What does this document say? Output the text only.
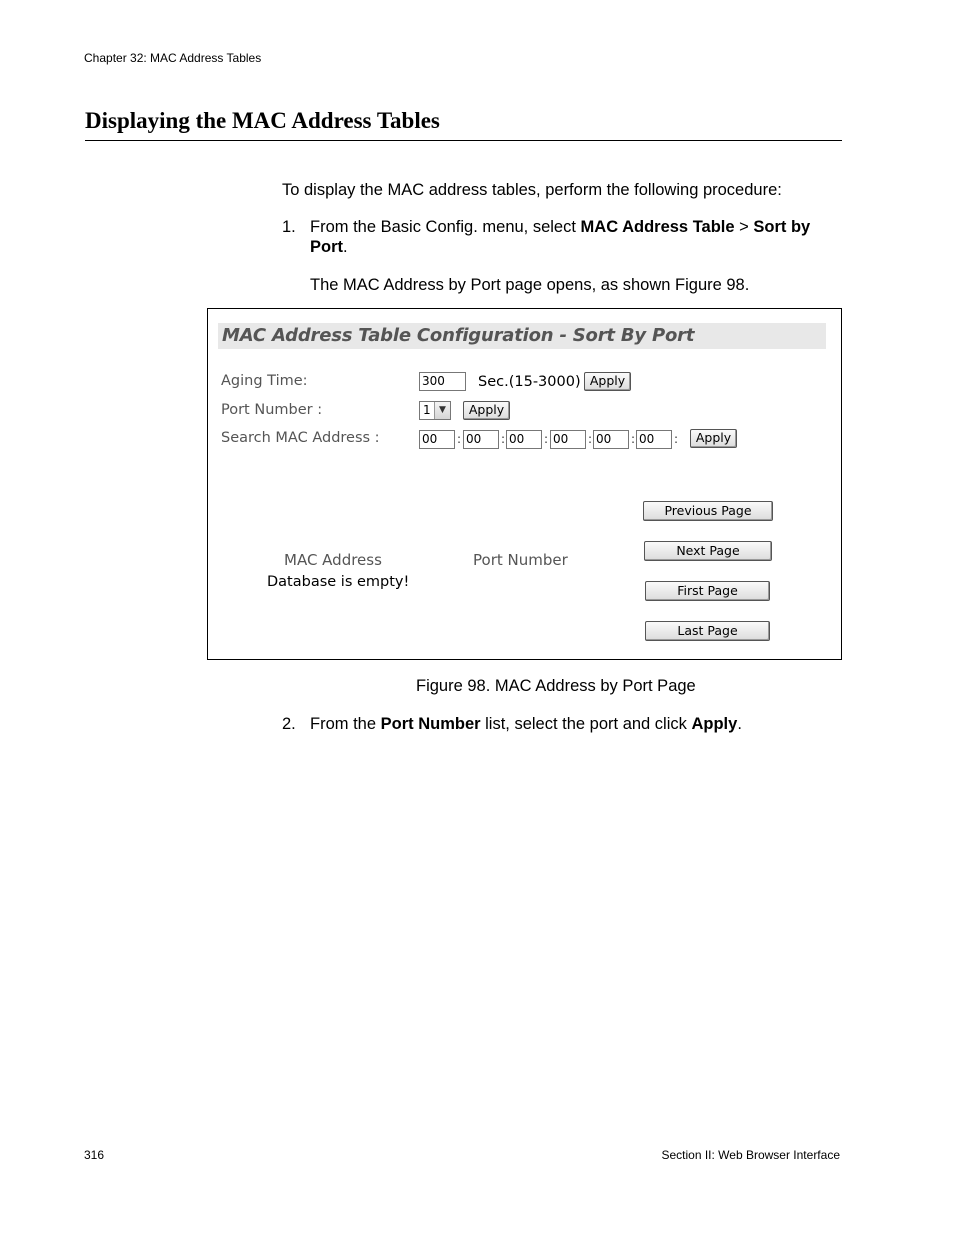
Chapter 32: MAC Address Tables
Displaying the MAC Address Tables
To display the MAC address tables, perform the following procedure:
1. From the Basic Config. menu, select MAC Address Table > Sort by Port.
The MAC Address by Port page opens, as shown Figure 98.
MAC Address Table Configuration - Sort By Port
Aging Time:	300	Sec.(15-3000) Apply
Port Number :	1 ▼	Apply
Search MAC Address :	00	: 00	: 00	: 00	: 00	: 00	:	Apply
MAC Address	Port Number
Database is empty!
Previous Page
Next Page
First Page
Last Page
Figure 98. MAC Address by Port Page
2. From the Port Number list, select the port and click Apply.
316	Section II: Web Browser Interface
